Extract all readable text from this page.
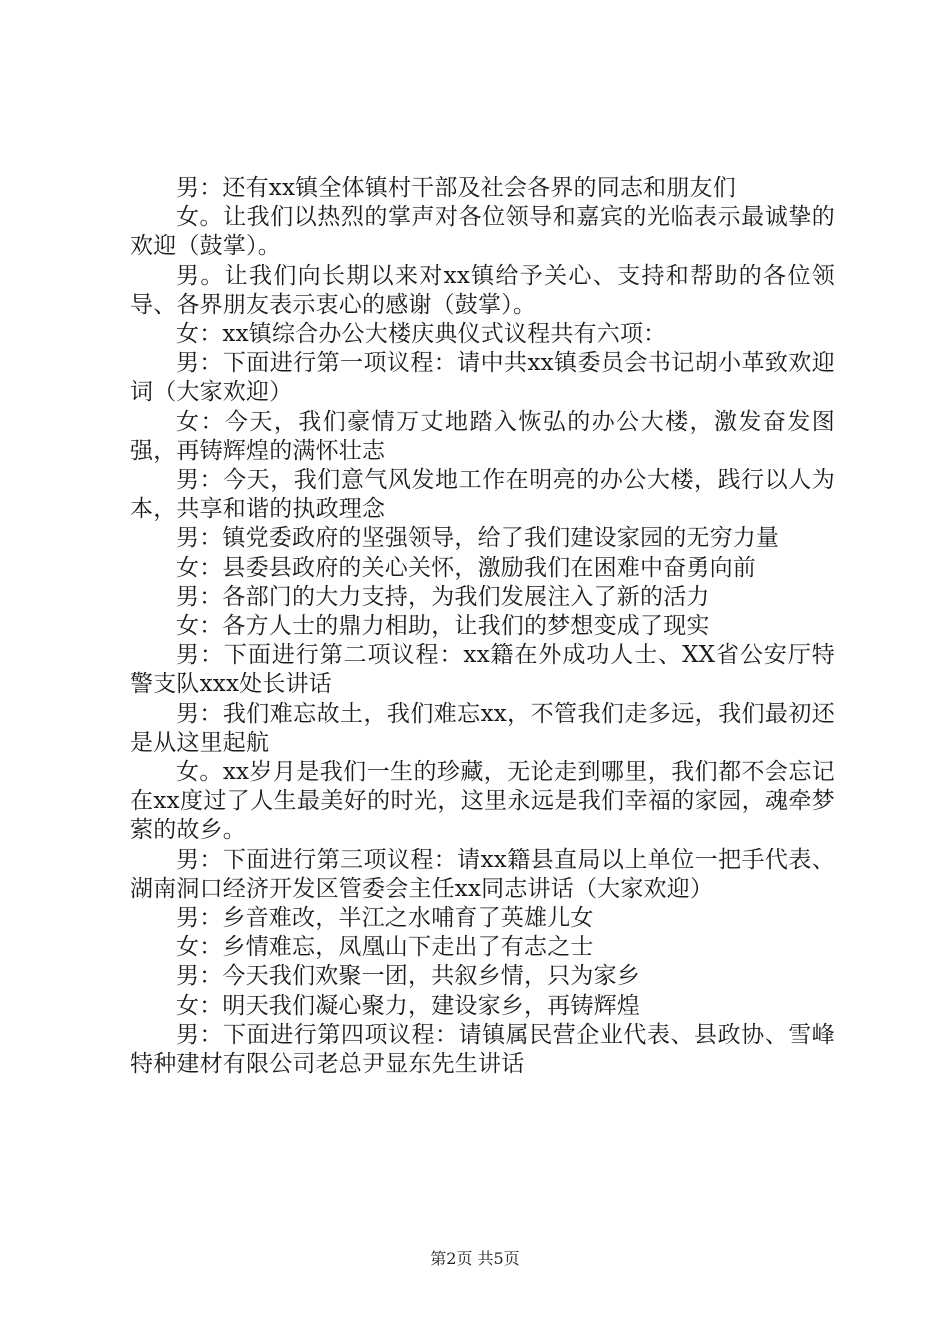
男：还有xx镇全体镇村干部及社会各界的同志和朋友们

女。让我们以热烈的掌声对各位领导和嘉宾的光临表示最诚挚的欢迎（鼓掌）。

男。让我们向长期以来对xx镇给予关心、支持和帮助的各位领导、各界朋友表示衷心的感谢（鼓掌）。

女：xx镇综合办公大楼庆典仪式议程共有六项：

男：下面进行第一项议程：请中共xx镇委员会书记胡小革致欢迎词（大家欢迎）

女：今天，我们豪情万丈地踏入恢弘的办公大楼，激发奋发图强，再铸辉煌的满怀壮志

男：今天，我们意气风发地工作在明亮的办公大楼，践行以人为本，共享和谐的执政理念

男：镇党委政府的坚强领导，给了我们建设家园的无穷力量

女：县委县政府的关心关怀，激励我们在困难中奋勇向前

男：各部门的大力支持，为我们发展注入了新的活力

女：各方人士的鼎力相助，让我们的梦想变成了现实

男：下面进行第二项议程：xx籍在外成功人士、XX省公安厅特警支队xxx处长讲话

男：我们难忘故土，我们难忘xx，不管我们走多远，我们最初还是从这里起航

女。xx岁月是我们一生的珍藏，无论走到哪里，我们都不会忘记在xx度过了人生最美好的时光，这里永远是我们幸福的家园，魂牵梦萦的故乡。

男：下面进行第三项议程：请xx籍县直局以上单位一把手代表、湖南洞口经济开发区管委会主任xx同志讲话（大家欢迎）

男：乡音难改，半江之水哺育了英雄儿女

女：乡情难忘，凤凰山下走出了有志之士

男：今天我们欢聚一团，共叙乡情，只为家乡

女：明天我们凝心聚力，建设家乡，再铸辉煌

男：下面进行第四项议程：请镇属民营企业代表、县政协、雪峰特种建材有限公司老总尹显东先生讲话

第2页 共5页
